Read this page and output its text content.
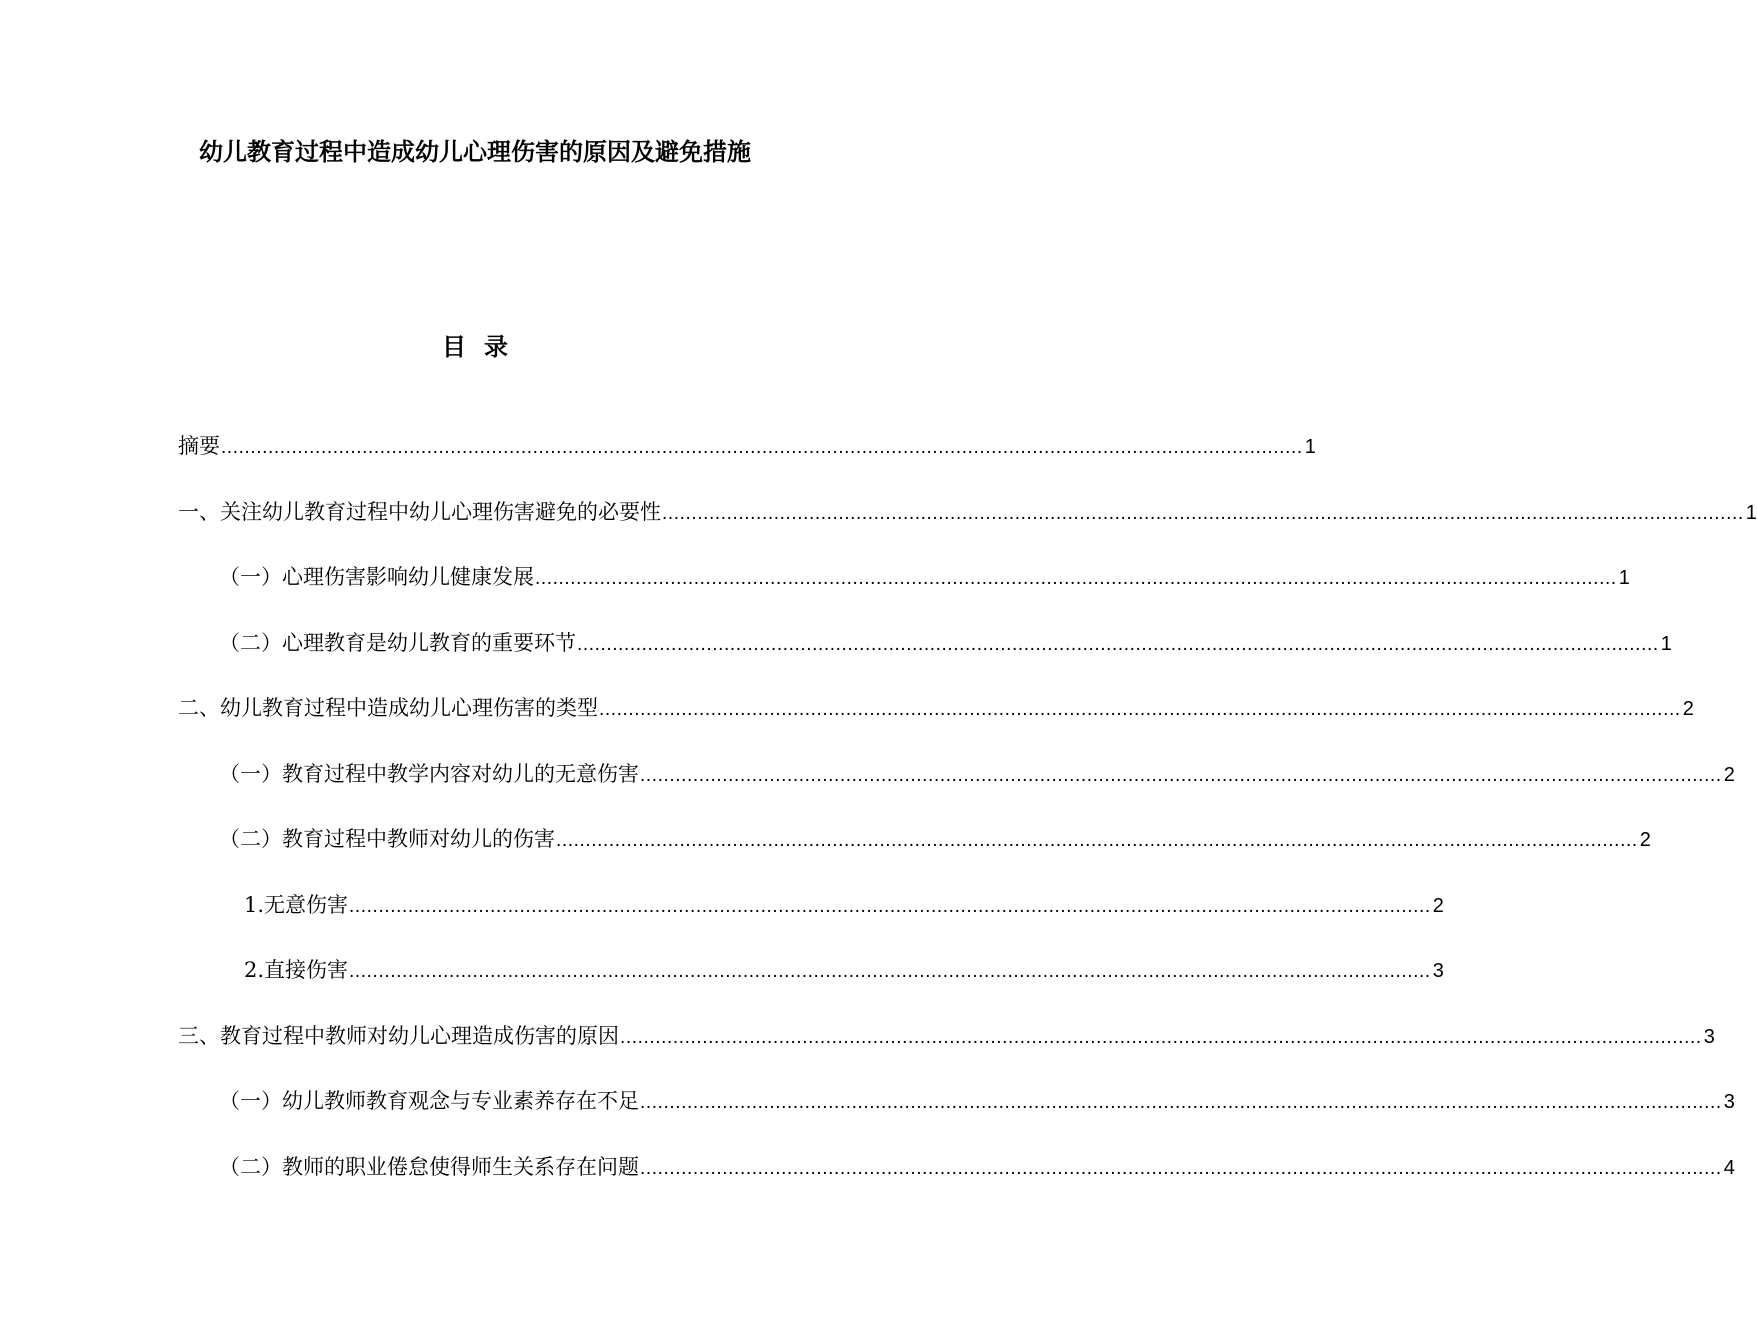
幼儿教育过程中造成幼儿心理伤害的原因及避免措施
目录
摘要 .....	1
一、关注幼儿教育过程中幼儿心理伤害避免的必要性 .....	1
（一）心理伤害影响幼儿健康发展 .....	1
（二）心理教育是幼儿教育的重要环节 .....	1
二、幼儿教育过程中造成幼儿心理伤害的类型 .....	2
（一）教育过程中教学内容对幼儿的无意伤害 .....	2
（二）教育过程中教师对幼儿的伤害 .....	2
1.无意伤害 .....	2
2.直接伤害 .....	3
三、教育过程中教师对幼儿心理造成伤害的原因 .....	3
（一）幼儿教师教育观念与专业素养存在不足 .....	3
（二）教师的职业倦怠使得师生关系存在问题 .....	4
